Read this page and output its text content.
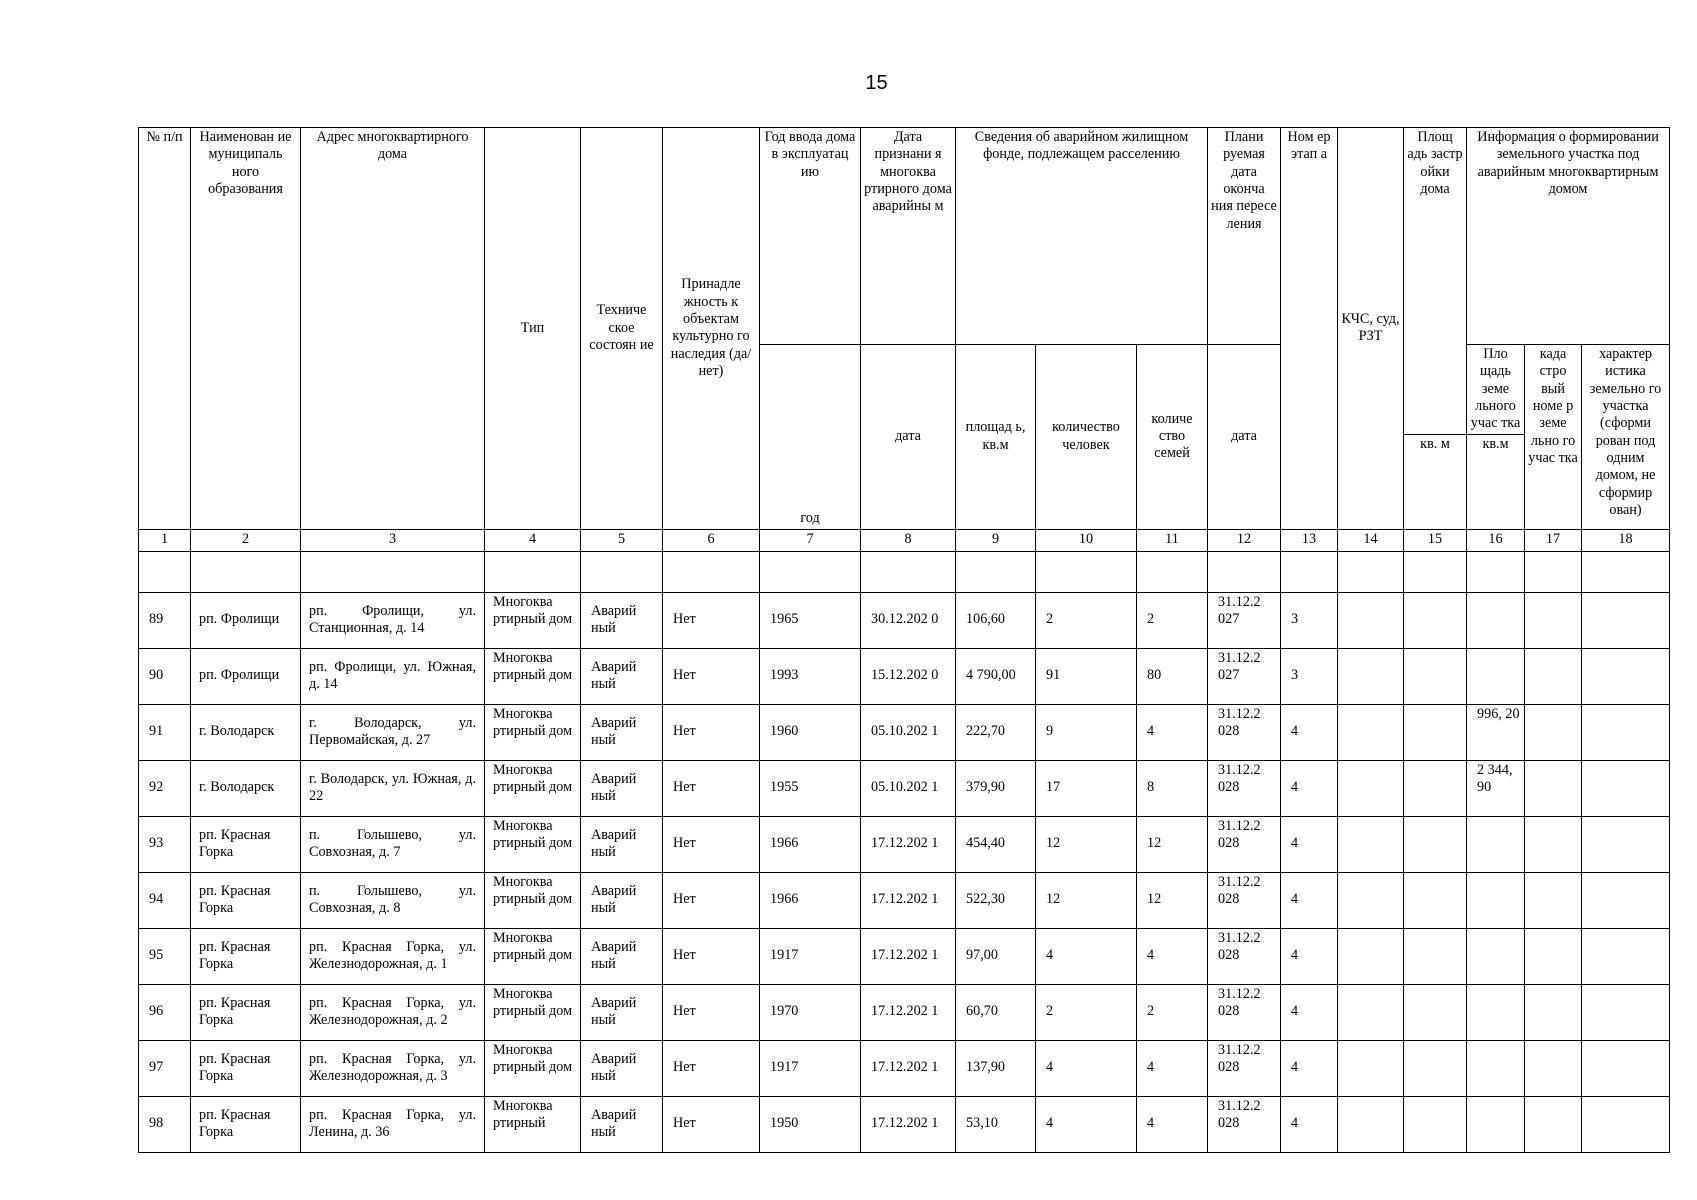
15
№ п/п	Наименован ие муниципаль ного образования	Адрес многоквартирного дома	Тип	Техниче ское состоян ие	Принадле жность к объектам культурно го наследия (да/нет)	Год ввода дома в эксплуатац ию	Дата признани я многоква ртирного дома аварийны м	Сведения об аварийном жилищном фонде, подлежащем расселению			Плани руемая дата оконча ния пересе ления	Ном ер этап а	КЧС, суд, РЗТ	Площ адь застр ойки дома	Информация о формировании земельного участка под аварийным многоквартирным домом		
						год	дата	площад ь, кв.м	количество человек	количе ство семей	дата				Пло щадь земе льного учас тка	када стро вый номе р земе льно го учас тка	характер истика земельно го участка (сформи рован под одним домом, не сформир ован)
														кв. м	кв.м		
1	2	3	4	5	6	7	8	9	10	11	12	13	14	15	16	17	18

89	рп. Фролищи	рп. Фролищи, ул. Станционная, д. 14	Многоква ртирный дом	Аварий ный	Нет	1965	30.12.202 0	106,60	2	2	31.12.2 027	3					
90	рп. Фролищи	рп. Фролищи, ул. Южная, д. 14	Многоква ртирный дом	Аварий ный	Нет	1993	15.12.202 0	4 790,00	91	80	31.12.2 027	3					
91	г. Володарск	г. Володарск, ул. Первомайская, д. 27	Многоква ртирный дом	Аварий ный	Нет	1960	05.10.202 1	222,70	9	4	31.12.2 028	4			996, 20		
92	г. Володарск	г. Володарск, ул. Южная, д. 22	Многоква ртирный дом	Аварий ный	Нет	1955	05.10.202 1	379,90	17	8	31.12.2 028	4			2 344, 90		
93	рп. Красная Горка	п. Голышево, ул. Совхозная, д. 7	Многоква ртирный дом	Аварий ный	Нет	1966	17.12.202 1	454,40	12	12	31.12.2 028	4					
94	рп. Красная Горка	п. Голышево, ул. Совхозная, д. 8	Многоква ртирный дом	Аварий ный	Нет	1966	17.12.202 1	522,30	12	12	31.12.2 028	4					
95	рп. Красная Горка	рп. Красная Горка, ул. Железнодорожная, д. 1	Многоква ртирный дом	Аварий ный	Нет	1917	17.12.202 1	97,00	4	4	31.12.2 028	4					
96	рп. Красная Горка	рп. Красная Горка, ул. Железнодорожная, д. 2	Многоква ртирный дом	Аварий ный	Нет	1970	17.12.202 1	60,70	2	2	31.12.2 028	4					
97	рп. Красная Горка	рп. Красная Горка, ул. Железнодорожная, д. 3	Многоква ртирный дом	Аварий ный	Нет	1917	17.12.202 1	137,90	4	4	31.12.2 028	4					
98	рп. Красная Горка	рп. Красная Горка, ул. Ленина, д. 36	Многоква ртирный	Аварий ный	Нет	1950	17.12.202 1	53,10	4	4	31.12.2 028	4					
